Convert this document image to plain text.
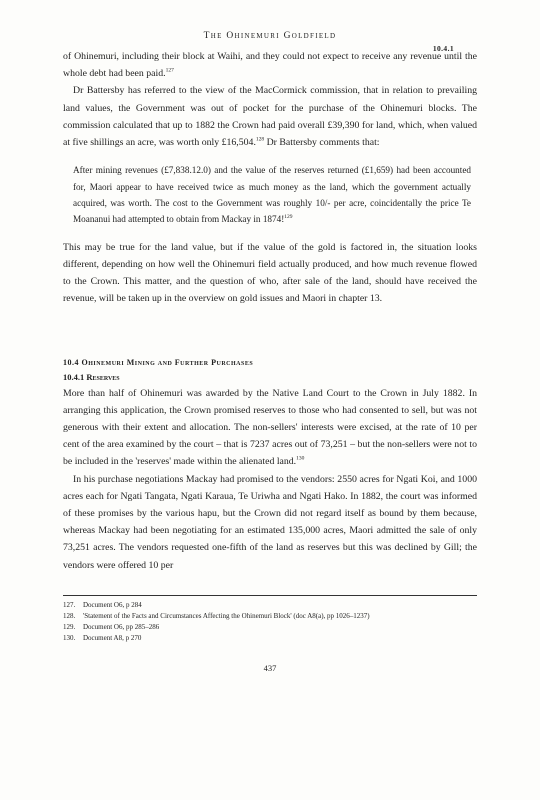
The Ohinemuri Goldfield
10.4.1

of Ohinemuri, including their block at Waihi, and they could not expect to receive any revenue until the whole debt had been paid.$^{127}$

Dr Battersby has referred to the view of the MacCormick commission, that in relation to prevailing land values, the Government was out of pocket for the purchase of the Ohinemuri blocks. The commission calculated that up to 1882 the Crown had paid overall £39,390 for land, which, when valued at five shillings an acre, was worth only £16,504.$^{128}$ Dr Battersby comments that:

After mining revenues (£7,838.12.0) and the value of the reserves returned (£1,659) had been accounted for, Maori appear to have received twice as much money as the land, which the government actually acquired, was worth. The cost to the Government was roughly 10/- per acre, coincidentally the price Te Moananui had attempted to obtain from Mackay in 1874!$^{129}$

This may be true for the land value, but if the value of the gold is factored in, the situation looks different, depending on how well the Ohinemuri field actually produced, and how much revenue flowed to the Crown. This matter, and the question of who, after sale of the land, should have received the revenue, will be taken up in the overview on gold issues and Maori in chapter 13.

10.4 Ohinemuri Mining and Further Purchases

10.4.1 Reserves

More than half of Ohinemuri was awarded by the Native Land Court to the Crown in July 1882. In arranging this application, the Crown promised reserves to those who had consented to sell, but was not generous with their extent and allocation. The non-sellers' interests were excised, at the rate of 10 per cent of the area examined by the court – that is 7237 acres out of 73,251 – but the non-sellers were not to be included in the 'reserves' made within the alienated land.$^{130}$

In his purchase negotiations Mackay had promised to the vendors: 2550 acres for Ngati Koi, and 1000 acres each for Ngati Tangata, Ngati Karaua, Te Uriwha and Ngati Hako. In 1882, the court was informed of these promises by the various hapu, but the Crown did not regard itself as bound by them because, whereas Mackay had been negotiating for an estimated 135,000 acres, Maori admitted the sale of only 73,251 acres. The vendors requested one-fifth of the land as reserves but this was declined by Gill; the vendors were offered 10 per

127.	Document O6, p 284
128.	'Statement of the Facts and Circumstances Affecting the Ohinemuri Block' (doc A8(a), pp 1026–1237)
129.	Document O6, pp 285–286
130.	Document A8, p 270
437
